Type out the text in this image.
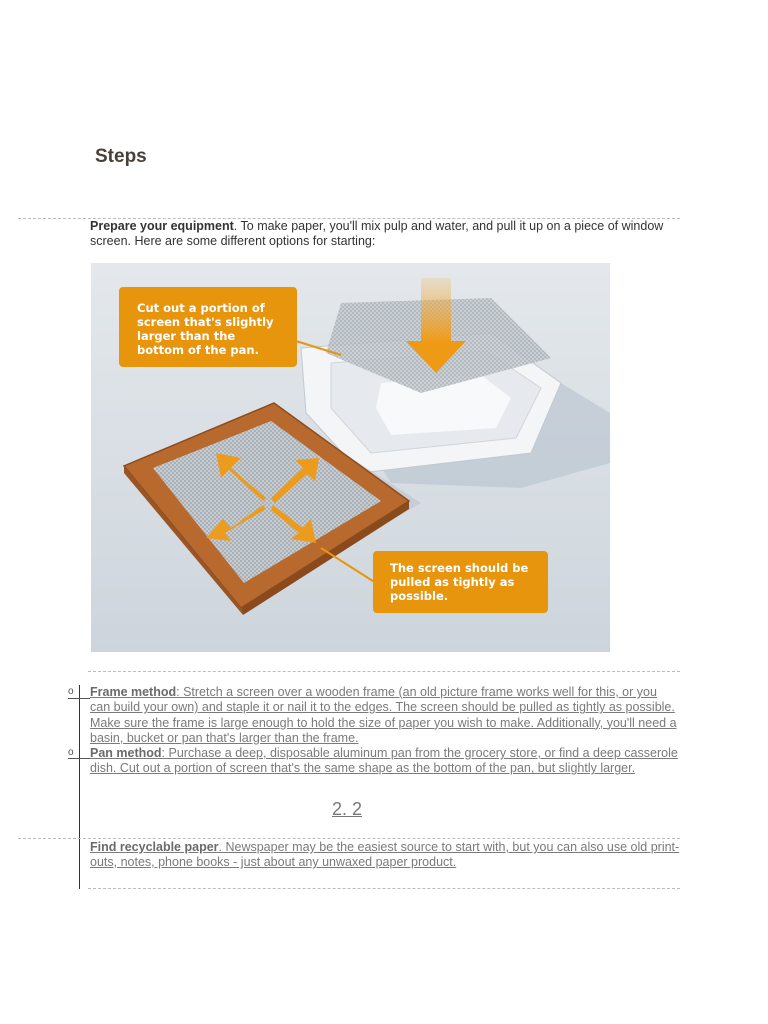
Steps
Prepare your equipment. To make paper, you'll mix pulp and water, and pull it up on a piece of window screen. Here are some different options for starting:
Cut out a portion of
screen that's slightly
larger than the
bottom of the pan.
The screen should be
pulled as tightly as
possible.
o Frame method: Stretch a screen over a wooden frame (an old picture frame works well for this, or you can build your own) and staple it or nail it to the edges. The screen should be pulled as tightly as possible. Make sure the frame is large enough to hold the size of paper you wish to make. Additionally, you'll need a basin, bucket or pan that's larger than the frame.
o Pan method: Purchase a deep, disposable aluminum pan from the grocery store, or find a deep casserole dish. Cut out a portion of screen that's the same shape as the bottom of the pan, but slightly larger.
2. 2
Find recyclable paper. Newspaper may be the easiest source to start with, but you can also use old print-outs, notes, phone books - just about any unwaxed paper product.
